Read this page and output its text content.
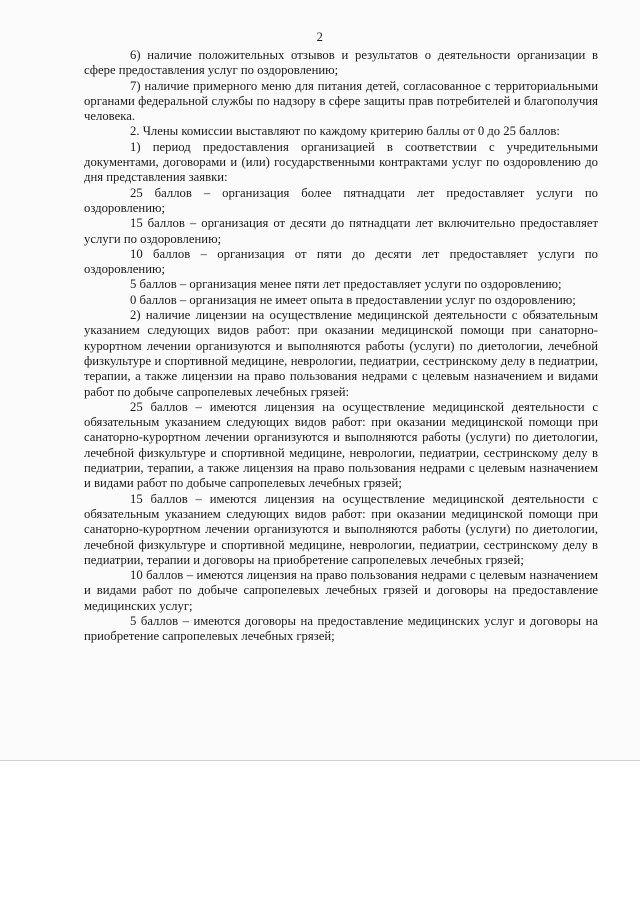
2

6) наличие положительных отзывов и результатов о деятельности организации в сфере предоставления услуг по оздоровлению;

7) наличие примерного меню для питания детей, согласованное с территориальными органами федеральной службы по надзору в сфере защиты прав потребителей и благополучия человека.

2. Члены комиссии выставляют по каждому критерию баллы от 0 до 25 баллов:

1) период предоставления организацией в соответствии с учредительными документами, договорами и (или) государственными контрактами услуг по оздоровлению до дня представления заявки:

25 баллов – организация более пятнадцати лет предоставляет услуги по оздоровлению;

15 баллов – организация от десяти до пятнадцати лет включительно предоставляет услуги по оздоровлению;

10 баллов – организация от пяти до десяти лет предоставляет услуги по оздоровлению;

5 баллов – организация менее пяти лет предоставляет услуги по оздоровлению;

0 баллов – организация не имеет опыта в предоставлении услуг по оздоровлению;

2) наличие лицензии на осуществление медицинской деятельности с обязательным указанием следующих видов работ: при оказании медицинской помощи при санаторно-курортном лечении организуются и выполняются работы (услуги) по диетологии, лечебной физкультуре и спортивной медицине, неврологии, педиатрии, сестринскому делу в педиатрии, терапии, а также лицензии на право пользования недрами с целевым назначением и видами работ по добыче сапропелевых лечебных грязей:

25 баллов – имеются лицензия на осуществление медицинской деятельности с обязательным указанием следующих видов работ: при оказании медицинской помощи при санаторно-курортном лечении организуются и выполняются работы (услуги) по диетологии, лечебной физкультуре и спортивной медицине, неврологии, педиатрии, сестринскому делу в педиатрии, терапии, а также лицензия на право пользования недрами с целевым назначением и видами работ по добыче сапропелевых лечебных грязей;

15 баллов – имеются лицензия на осуществление медицинской деятельности с обязательным указанием следующих видов работ: при оказании медицинской помощи при санаторно-курортном лечении организуются и выполняются работы (услуги) по диетологии, лечебной физкультуре и спортивной медицине, неврологии, педиатрии, сестринскому делу в педиатрии, терапии и договоры на приобретение сапропелевых лечебных грязей;

10 баллов – имеются лицензия на право пользования недрами с целевым назначением и видами работ по добыче сапропелевых лечебных грязей и договоры на предоставление медицинских услуг;

5 баллов – имеются договоры на предоставление медицинских услуг и договоры на приобретение сапропелевых лечебных грязей;
